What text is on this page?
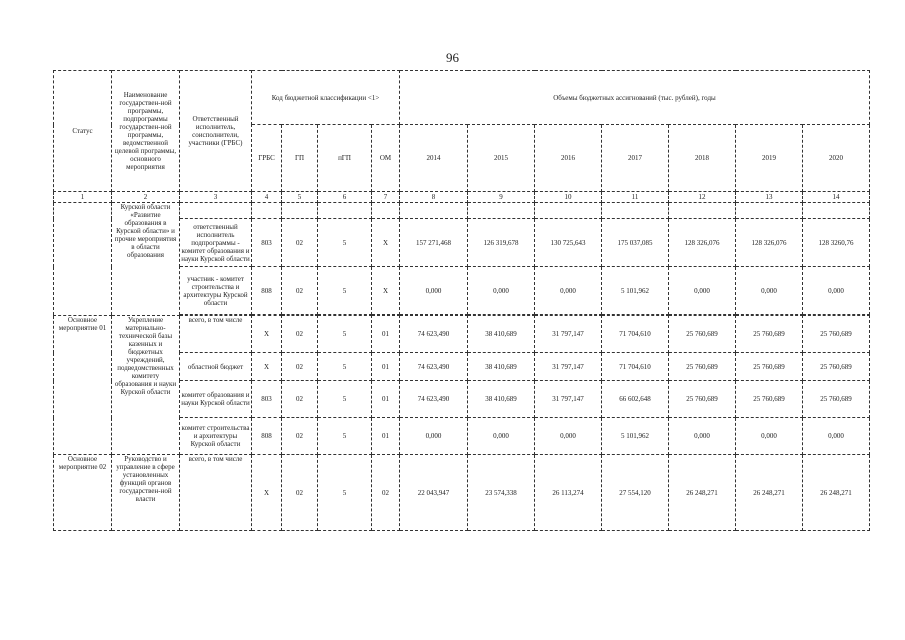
96
Статус	Наименование государствен-ной программы, подпрограммы государствен-ной программы, ведомственной целевой программы, основного мероприятия	Ответственный исполнитель, соисполнители, участники (ГРБС)	Код бюджетной классификации <1>				Объемы бюджетных ассигнований (тыс. рублей), годы						
			ГРБС	ГП	пГП	ОМ	2014	2015	2016	2017	2018	2019	2020
1	2	3	4	5	6	7	8	9	10	11	12	13	14
	Курской области «Развитие образования в Курской области» и прочие мероприятия в области образования												
		ответственный исполнитель подпрограммы - комитет образования и науки Курской области	803	02	5	Х	157 271,468	126 319,678	130 725,643	175 037,085	128 326,076	128 326,076	128 3260,76
		участник - комитет строительства и архитектуры Курской области	808	02	5	Х	0,000	0,000	0,000	5 101,962	0,000	0,000	0,000

Основное мероприятие 01	Укрепление материально-технической базы казенных и бюджетных учреждений, подведомственных комитету образования и науки Курской области	всего, в том числе	Х	02	5	01	74 623,490	38 410,689	31 797,147	71 704,610	25 760,689	25 760,689	25 760,689
		областной бюджет	Х	02	5	01	74 623,490	38 410,689	31 797,147	71 704,610	25 760,689	25 760,689	25 760,689
		комитет образования и науки Курской области	803	02	5	01	74 623,490	38 410,689	31 797,147	66 602,648	25 760,689	25 760,689	25 760,689
		комитет строительства и архитектуры Курской области	808	02	5	01	0,000	0,000	0,000	5 101,962	0,000	0,000	0,000
Основное мероприятие 02	Руководство и управление в сфере установленных функций органов государствен-ной власти	всего, в том числе	Х	02	5	02	22 043,947	23 574,338	26 113,274	27 554,120	26 248,271	26 248,271	26 248,271
